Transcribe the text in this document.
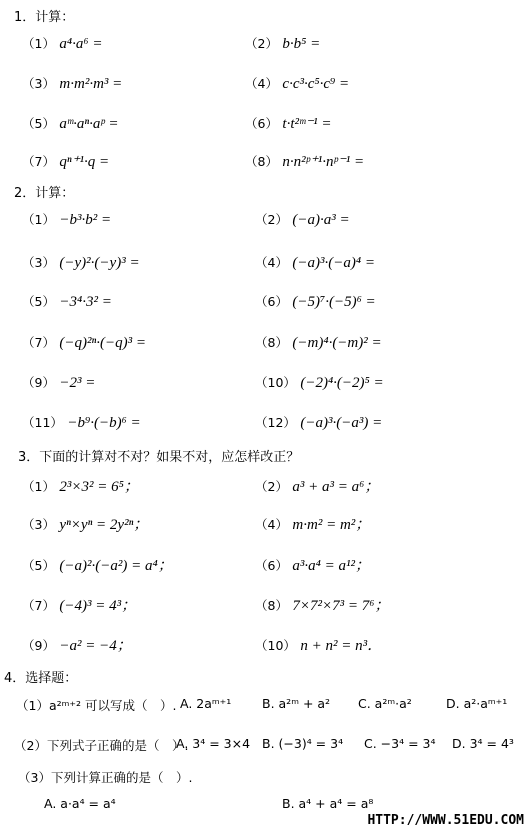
1．计算：
（1） a⁴·a⁶ =	（2） b·b⁵ =
（3） m·m²·m³ =	（4） c·c³·c⁵·c⁹ =
（5） aᵐ·aⁿ·aᵖ =	（6） t·t²ᵐ⁻¹ =
（7） qⁿ⁺¹·q =	（8） n·n²ᵖ⁺¹·nᵖ⁻¹ =
2．计算：
（1） −b³·b² =	（2） (−a)·a³ =
（3） (−y)²·(−y)³ =	（4） (−a)³·(−a)⁴ =
（5） −3⁴·3² =	（6） (−5)⁷·(−5)⁶ =
（7） (−q)²ⁿ·(−q)³ =	（8） (−m)⁴·(−m)² =
（9） −2³ =	（10） (−2)⁴·(−2)⁵ =
（11） −b⁹·(−b)⁶ =	（12） (−a)³·(−a³) =
3．下面的计算对不对？如果不对，应怎样改正？
（1） 2³×3² = 6⁵；	（2） a³ + a³ = a⁶；
（3） yⁿ×yⁿ = 2y²ⁿ；	（4） m·m² = m²；
（5） (−a)²·(−a²) = a⁴；	（6） a³·a⁴ = a¹²；
（7） (−4)³ = 4³；	（8） 7×7²×7³ = 7⁶；
（9） −a² = −4；	（10） n + n² = n³．
4．选择题：
（1）a²ᵐ⁺² 可以写成（　）. A. 2aᵐ⁺¹ B. a²ᵐ + a² C. a²ᵐ·a²	D. a²·aᵐ⁺¹
（2）下列式子正确的是（　）.
A. 3⁴ = 3×4 B. (−3)⁴ = 3⁴ C. −3⁴ = 3⁴ D. 3⁴ = 4³
（3）下列计算正确的是（　）.
A. a·a⁴ = a⁴	B. a⁴ + a⁴ = a⁸
HTTP://WWW.51EDU.COM
